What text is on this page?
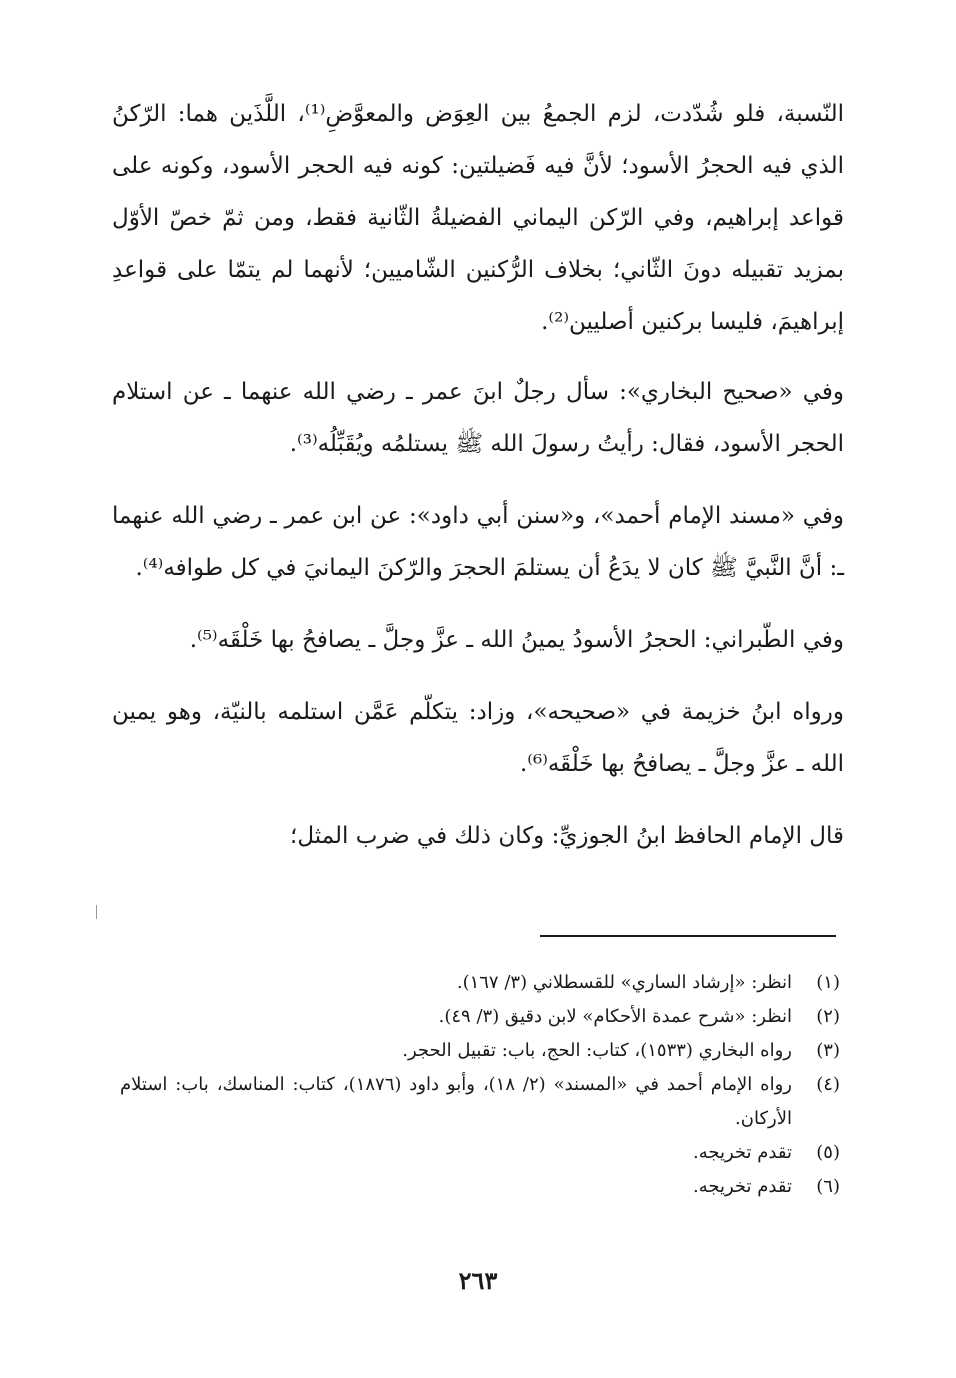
النّسبة، فلو شُدّدت، لزم الجمعُ بين العِوَض والمعوَّضِ⁽¹⁾، اللَّذَين هما: الرّكنُ الذي فيه الحجرُ الأسود؛ لأنَّ فيه فَضيلتين: كونه فيه الحجر الأسود، وكونه على قواعد إبراهيم، وفي الرّكن اليماني الفضيلةُ الثّانية فقط، ومن ثمّ خصّ الأوّل بمزيد تقبيله دونَ الثّاني؛ بخلاف الرُّكنين الشّاميين؛ لأنهما لم يتمّا على قواعدِ إبراهيمَ، فليسا بركنين أصليين⁽²⁾.

وفي «صحيح البخاري»: سأل رجلٌ ابنَ عمر ـ رضي الله عنهما ـ عن استلام الحجر الأسود، فقال: رأيتُ رسولَ الله ﷺ يستلمُه ويُقَبِّلُه⁽³⁾.

وفي «مسند الإمام أحمد»، و«سنن أبي داود»: عن ابن عمر ـ رضي الله عنهما ـ: أنَّ النَّبيَّ ﷺ كان لا يدَعُ أن يستلمَ الحجرَ والرّكنَ اليمانيَ في كل طوافه⁽⁴⁾.

وفي الطّبراني: الحجرُ الأسودُ يمينُ الله ـ عزَّ وجلَّ ـ يصافحُ بها خَلْقَه⁽⁵⁾.

ورواه ابنُ خزيمة في «صحيحه»، وزاد: يتكلّم عَمَّن استلمه بالنيّة، وهو يمين الله ـ عزَّ وجلَّ ـ يصافحُ بها خَلْقَه⁽⁶⁾.

قال الإمام الحافظ ابنُ الجوزيِّ: وكان ذلك في ضرب المثل؛

(١)
انظر: «إرشاد الساري» للقسطلاني (٣/ ١٦٧).
(٢)
انظر: «شرح عمدة الأحكام» لابن دقيق (٣/ ٤٩).
(٣)
رواه البخاري (١٥٣٣)، كتاب: الحج، باب: تقبيل الحجر.
(٤)
رواه الإمام أحمد في «المسند» (٢/ ١٨)، وأبو داود (١٨٧٦)، كتاب: المناسك، باب: استلام الأركان.
(٥)
تقدم تخريجه.
(٦)
تقدم تخريجه.
٢٦٣
